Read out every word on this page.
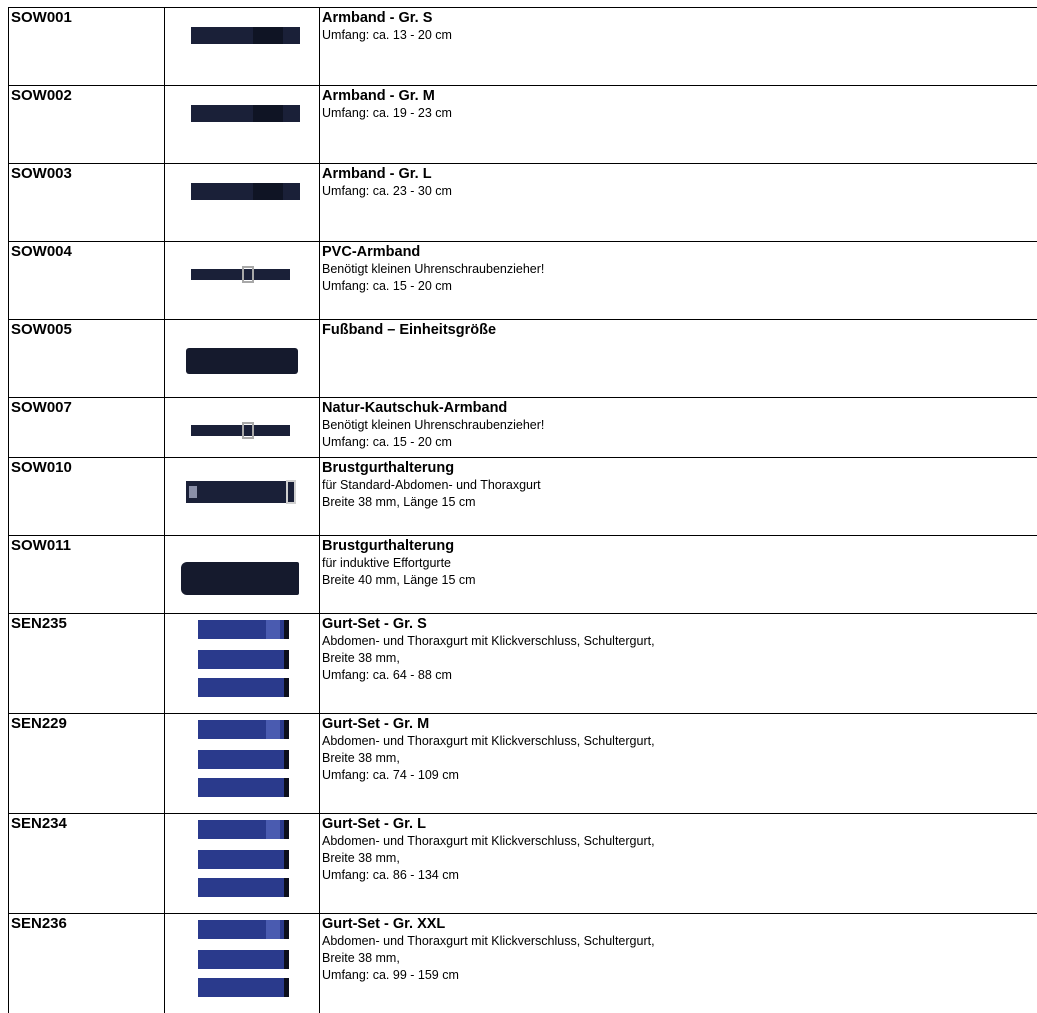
SOW001	Armband - Gr. S
Umfang: ca. 13 - 20 cm
SOW002	Armband - Gr. M
Umfang: ca. 19 - 23 cm
SOW003	Armband - Gr. L
Umfang: ca. 23 - 30 cm
SOW004	PVC-Armband
Benötigt kleinen Uhrenschraubenzieher!
Umfang: ca. 15 - 20 cm
SOW005	Fußband – Einheitsgröße
SOW007	Natur-Kautschuk-Armband
Benötigt kleinen Uhrenschraubenzieher!
Umfang: ca. 15 - 20 cm
SOW010	Brustgurthalterung
für Standard-Abdomen- und Thoraxgurt
Breite 38 mm, Länge 15 cm
SOW011	Brustgurthalterung
für induktive Effortgurte
Breite 40 mm, Länge 15 cm
SEN235	Gurt-Set - Gr. S
Abdomen- und Thoraxgurt mit Klickverschluss, Schultergurt,
Breite 38 mm,
Umfang: ca. 64 - 88 cm
SEN229	Gurt-Set - Gr. M
Abdomen- und Thoraxgurt mit Klickverschluss, Schultergurt,
Breite 38 mm,
Umfang: ca. 74 - 109 cm
SEN234	Gurt-Set - Gr. L
Abdomen- und Thoraxgurt mit Klickverschluss, Schultergurt,
Breite 38 mm,
Umfang: ca. 86 - 134 cm
SEN236	Gurt-Set - Gr. XXL
Abdomen- und Thoraxgurt mit Klickverschluss, Schultergurt,
Breite 38 mm,
Umfang: ca. 99 - 159 cm
